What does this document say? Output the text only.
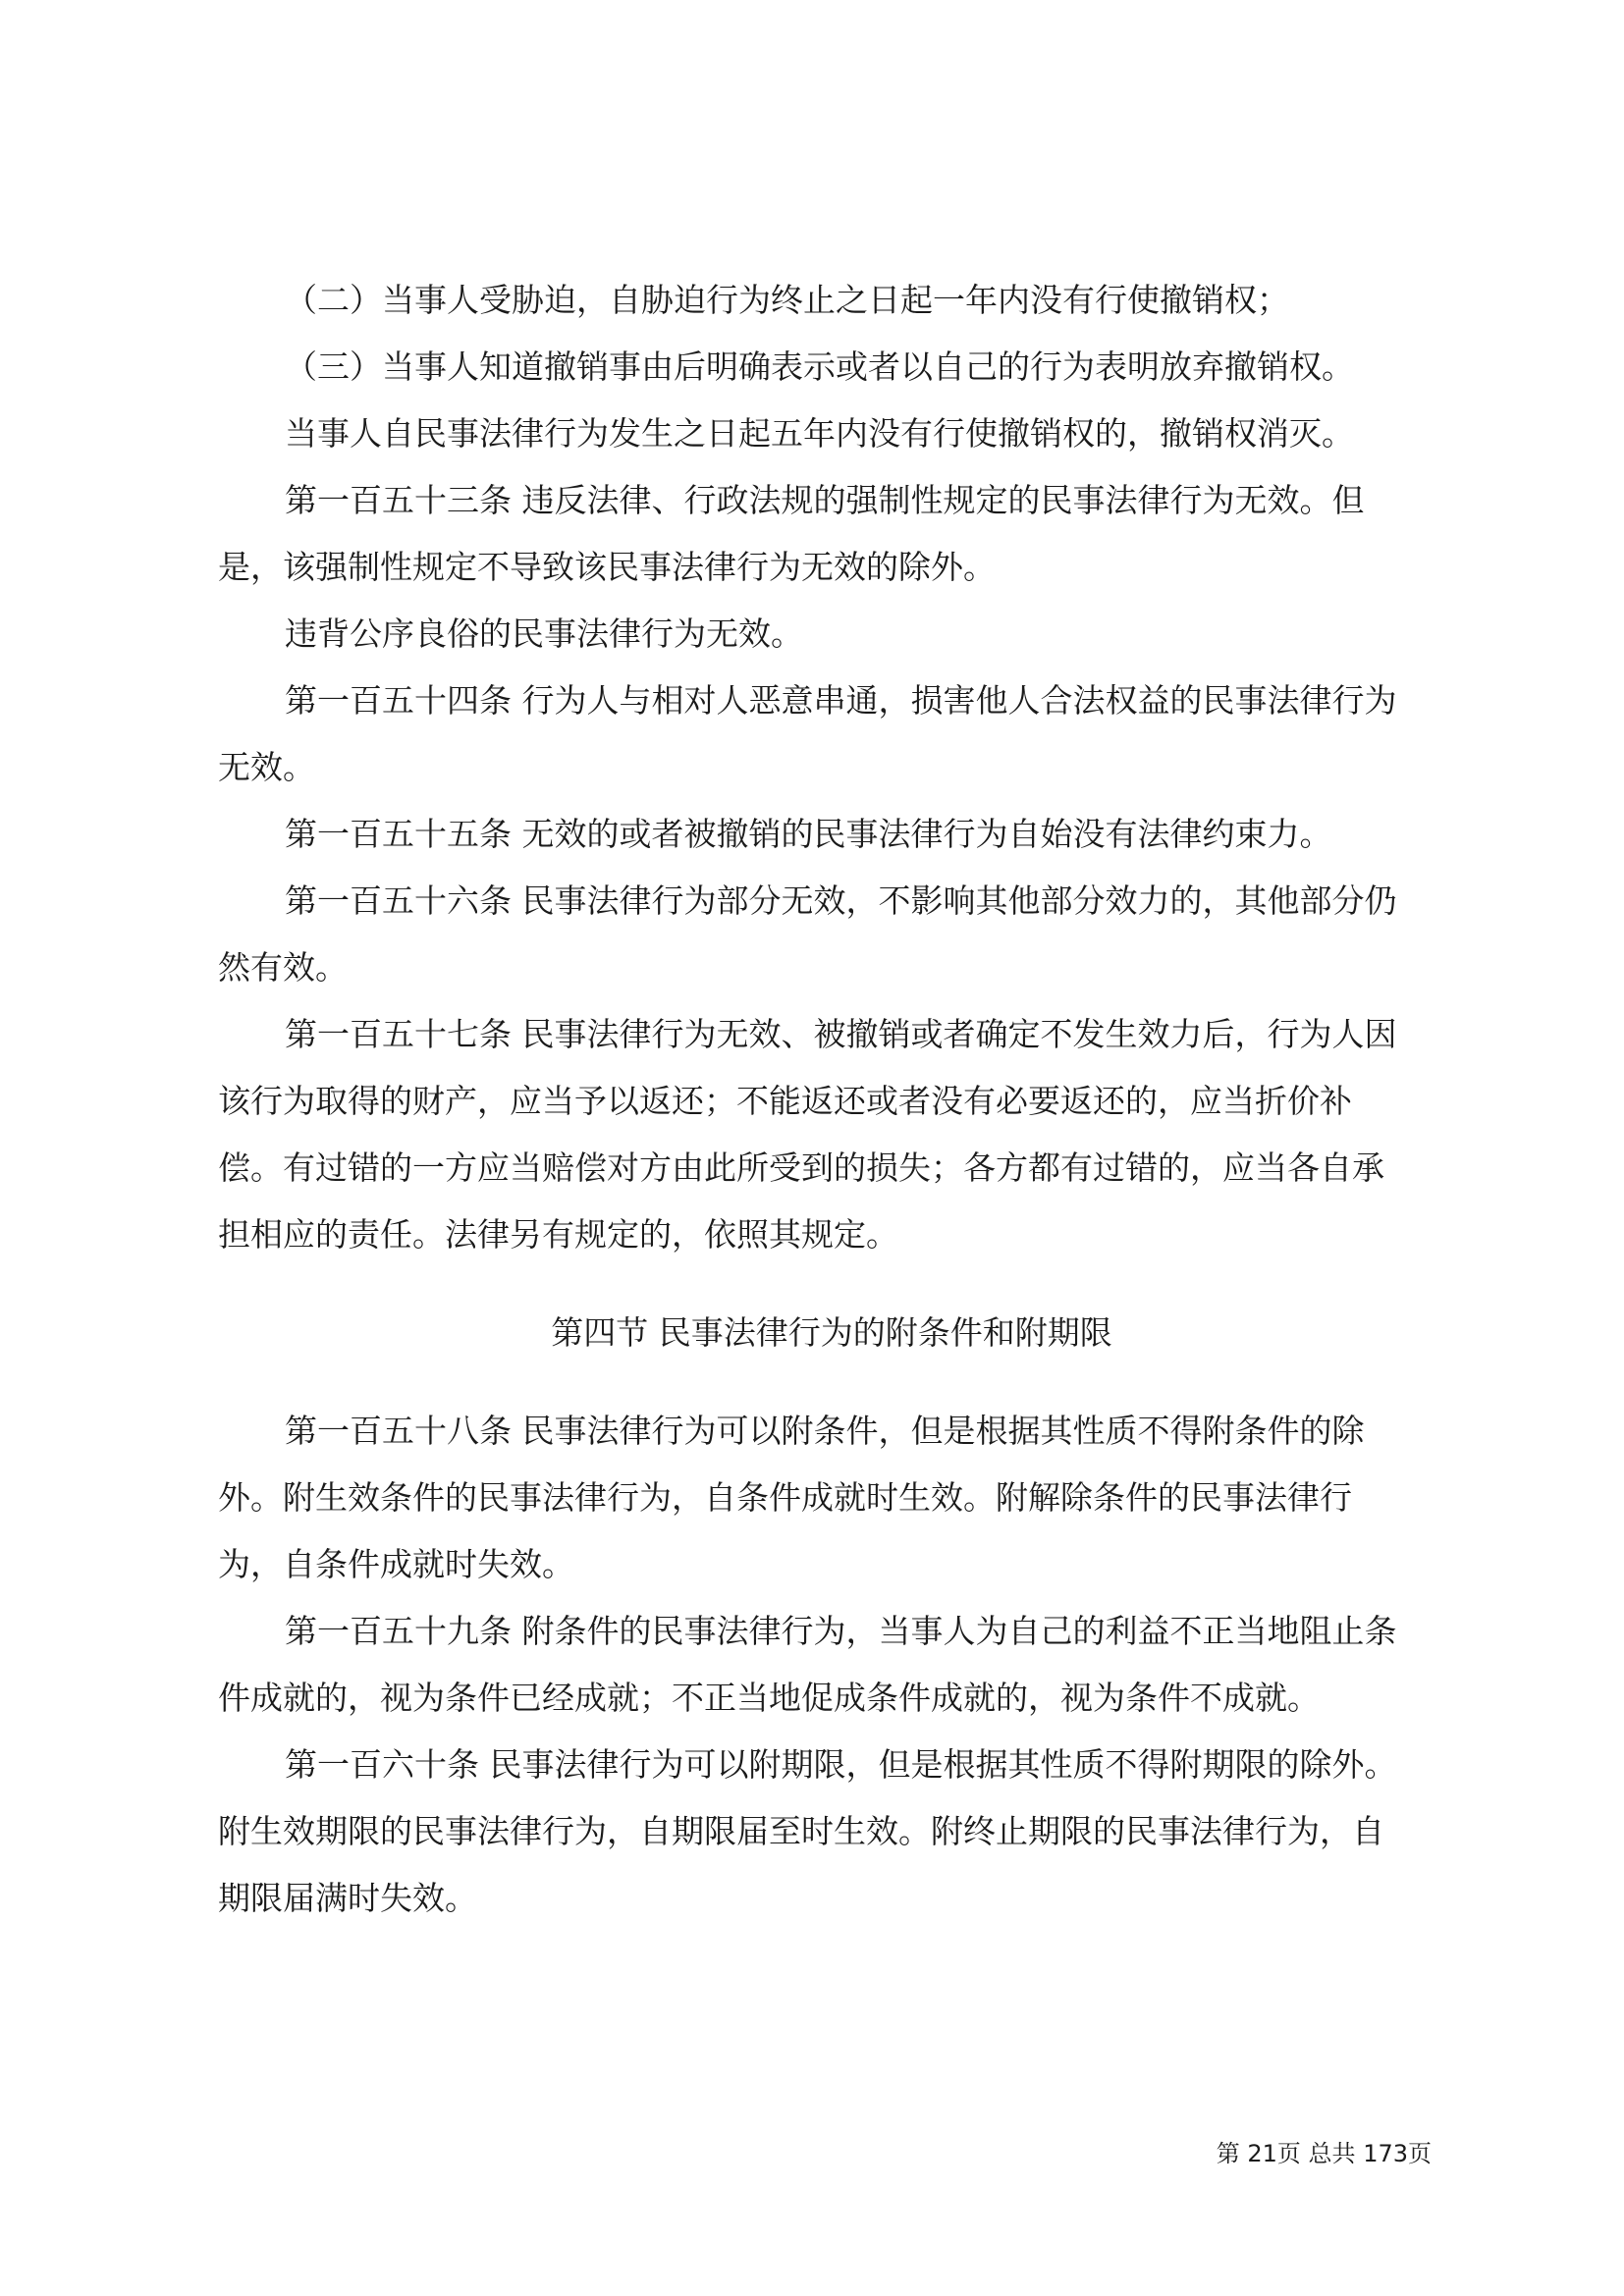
（二）当事人受胁迫，自胁迫行为终止之日起一年内没有行使撤销权；
（三）当事人知道撤销事由后明确表示或者以自己的行为表明放弃撤销权。
当事人自民事法律行为发生之日起五年内没有行使撤销权的，撤销权消灭。
第一百五十三条 违反法律、行政法规的强制性规定的民事法律行为无效。但
是，该强制性规定不导致该民事法律行为无效的除外。
违背公序良俗的民事法律行为无效。
第一百五十四条 行为人与相对人恶意串通，损害他人合法权益的民事法律行为
无效。
第一百五十五条 无效的或者被撤销的民事法律行为自始没有法律约束力。
第一百五十六条 民事法律行为部分无效，不影响其他部分效力的，其他部分仍
然有效。
第一百五十七条 民事法律行为无效、被撤销或者确定不发生效力后，行为人因
该行为取得的财产，应当予以返还；不能返还或者没有必要返还的，应当折价补
偿。有过错的一方应当赔偿对方由此所受到的损失；各方都有过错的，应当各自承
担相应的责任。法律另有规定的，依照其规定。
第四节 民事法律行为的附条件和附期限
第一百五十八条 民事法律行为可以附条件，但是根据其性质不得附条件的除
外。附生效条件的民事法律行为，自条件成就时生效。附解除条件的民事法律行
为，自条件成就时失效。
第一百五十九条 附条件的民事法律行为，当事人为自己的利益不正当地阻止条
件成就的，视为条件已经成就；不正当地促成条件成就的，视为条件不成就。
第一百六十条 民事法律行为可以附期限，但是根据其性质不得附期限的除外。
附生效期限的民事法律行为，自期限届至时生效。附终止期限的民事法律行为，自
期限届满时失效。
第 21页 总共 173页
